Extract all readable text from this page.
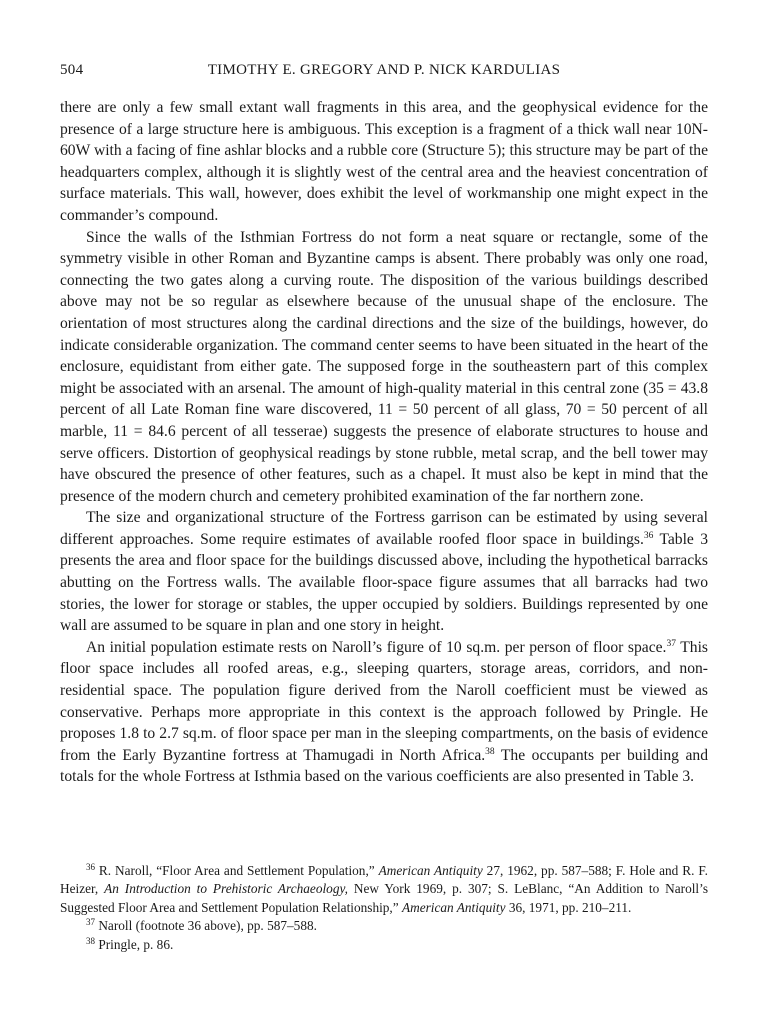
504	TIMOTHY E. GREGORY AND P. NICK KARDULIAS

there are only a few small extant wall fragments in this area, and the geophysical evidence for the presence of a large structure here is ambiguous. This exception is a fragment of a thick wall near 10N-60W with a facing of fine ashlar blocks and a rubble core (Structure 5); this structure may be part of the headquarters complex, although it is slightly west of the central area and the heaviest concentration of surface materials. This wall, however, does exhibit the level of workmanship one might expect in the commander’s compound.

Since the walls of the Isthmian Fortress do not form a neat square or rectangle, some of the symmetry visible in other Roman and Byzantine camps is absent. There probably was only one road, connecting the two gates along a curving route. The disposition of the various buildings described above may not be so regular as elsewhere because of the unusual shape of the enclosure. The orientation of most structures along the cardinal directions and the size of the buildings, however, do indicate considerable organization. The command center seems to have been situated in the heart of the enclosure, equidistant from either gate. The supposed forge in the southeastern part of this complex might be associated with an arsenal. The amount of high-quality material in this central zone (35 = 43.8 percent of all Late Roman fine ware discovered, 11 = 50 percent of all glass, 70 = 50 percent of all marble, 11 = 84.6 percent of all tesserae) suggests the presence of elaborate structures to house and serve officers. Distortion of geophysical readings by stone rubble, metal scrap, and the bell tower may have obscured the presence of other features, such as a chapel. It must also be kept in mind that the presence of the modern church and cemetery prohibited examination of the far northern zone.

The size and organizational structure of the Fortress garrison can be estimated by using several different approaches. Some require estimates of available roofed floor space in buildings.$^{36}$ Table 3 presents the area and floor space for the buildings discussed above, including the hypothetical barracks abutting on the Fortress walls. The available floor-space figure assumes that all barracks had two stories, the lower for storage or stables, the upper occupied by soldiers. Buildings represented by one wall are assumed to be square in plan and one story in height.

An initial population estimate rests on Naroll’s figure of 10 sq.m. per person of floor space.$^{37}$ This floor space includes all roofed areas, e.g., sleeping quarters, storage areas, corridors, and non-residential space. The population figure derived from the Naroll coefficient must be viewed as conservative. Perhaps more appropriate in this context is the approach followed by Pringle. He proposes 1.8 to 2.7 sq.m. of floor space per man in the sleeping compartments, on the basis of evidence from the Early Byzantine fortress at Thamugadi in North Africa.$^{38}$ The occupants per building and totals for the whole Fortress at Isthmia based on the various coefficients are also presented in Table 3.

$^{36}$ R. Naroll, “Floor Area and Settlement Population,” American Antiquity 27, 1962, pp. 587–588; F. Hole and R. F. Heizer, An Introduction to Prehistoric Archaeology, New York 1969, p. 307; S. LeBlanc, “An Addition to Naroll’s Suggested Floor Area and Settlement Population Relationship,” American Antiquity 36, 1971, pp. 210–211.

$^{37}$ Naroll (footnote 36 above), pp. 587–588.

$^{38}$ Pringle, p. 86.
